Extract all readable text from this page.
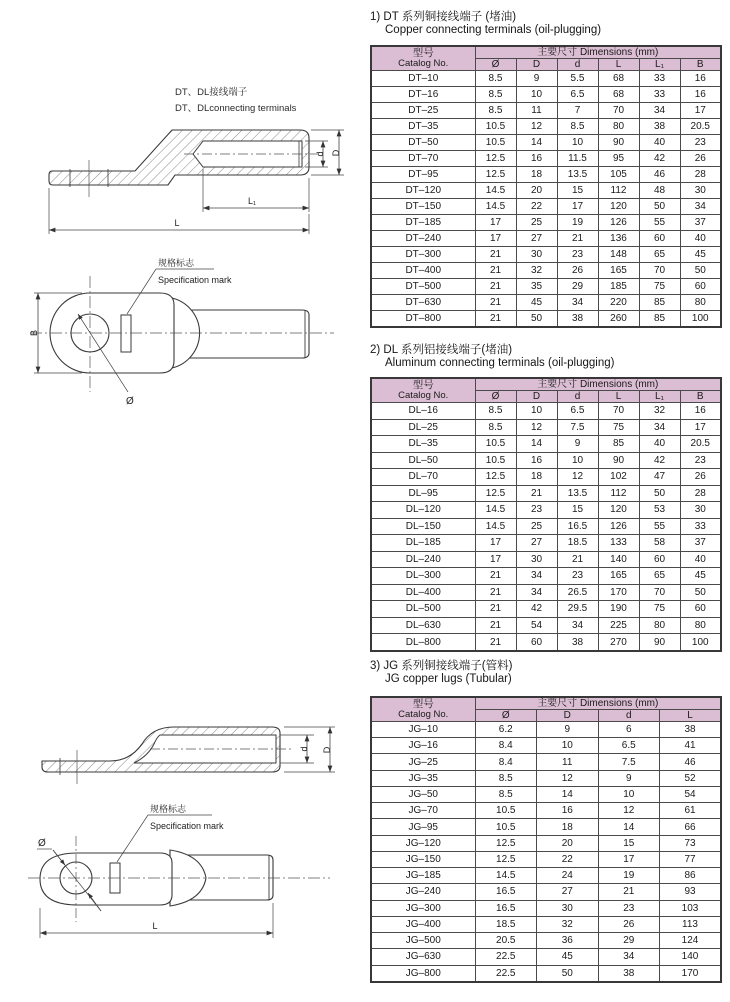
DT、DL接线端子
DT、DLconnecting terminals
d D
L₁
L
规格标志
Specification mark
B
Ø
d D
规格标志
Specification mark
Ø
L
1) DT 系列铜接线端子 (堵油)
Copper connecting terminals (oil-plugging)
型号
Catalog No.	主要尺寸 Dimensions (mm)					
	Ø	D	d	L	L₁	B
DT–10	8.5	9	5.5	68	33	16
DT–16	8.5	10	6.5	68	33	16
DT–25	8.5	11	7	70	34	17
DT–35	10.5	12	8.5	80	38	20.5
DT–50	10.5	14	10	90	40	23
DT–70	12.5	16	11.5	95	42	26
DT–95	12.5	18	13.5	105	46	28
DT–120	14.5	20	15	112	48	30
DT–150	14.5	22	17	120	50	34
DT–185	17	25	19	126	55	37
DT–240	17	27	21	136	60	40
DT–300	21	30	23	148	65	45
DT–400	21	32	26	165	70	50
DT–500	21	35	29	185	75	60
DT–630	21	45	34	220	85	80
DT–800	21	50	38	260	85	100
2) DL 系列铝接线端子(堵油)
Aluminum connecting terminals (oil-plugging)
型号
Catalog No.	主要尺寸 Dimensions (mm)					
	Ø	D	d	L	L₁	B
DL–16	8.5	10	6.5	70	32	16
DL–25	8.5	12	7.5	75	34	17
DL–35	10.5	14	9	85	40	20.5
DL–50	10.5	16	10	90	42	23
DL–70	12.5	18	12	102	47	26
DL–95	12.5	21	13.5	112	50	28
DL–120	14.5	23	15	120	53	30
DL–150	14.5	25	16.5	126	55	33
DL–185	17	27	18.5	133	58	37
DL–240	17	30	21	140	60	40
DL–300	21	34	23	165	65	45
DL–400	21	34	26.5	170	70	50
DL–500	21	42	29.5	190	75	60
DL–630	21	54	34	225	80	80
DL–800	21	60	38	270	90	100
3) JG 系列铜接线端子(管料)
JG copper lugs (Tubular)
型号
Catalog No.	主要尺寸 Dimensions (mm)			
	Ø	D	d	L
JG–10	6.2	9	6	38
JG–16	8.4	10	6.5	41
JG–25	8.4	11	7.5	46
JG–35	8.5	12	9	52
JG–50	8.5	14	10	54
JG–70	10.5	16	12	61
JG–95	10.5	18	14	66
JG–120	12.5	20	15	73
JG–150	12.5	22	17	77
JG–185	14.5	24	19	86
JG–240	16.5	27	21	93
JG–300	16.5	30	23	103
JG–400	18.5	32	26	113
JG–500	20.5	36	29	124
JG–630	22.5	45	34	140
JG–800	22.5	50	38	170
